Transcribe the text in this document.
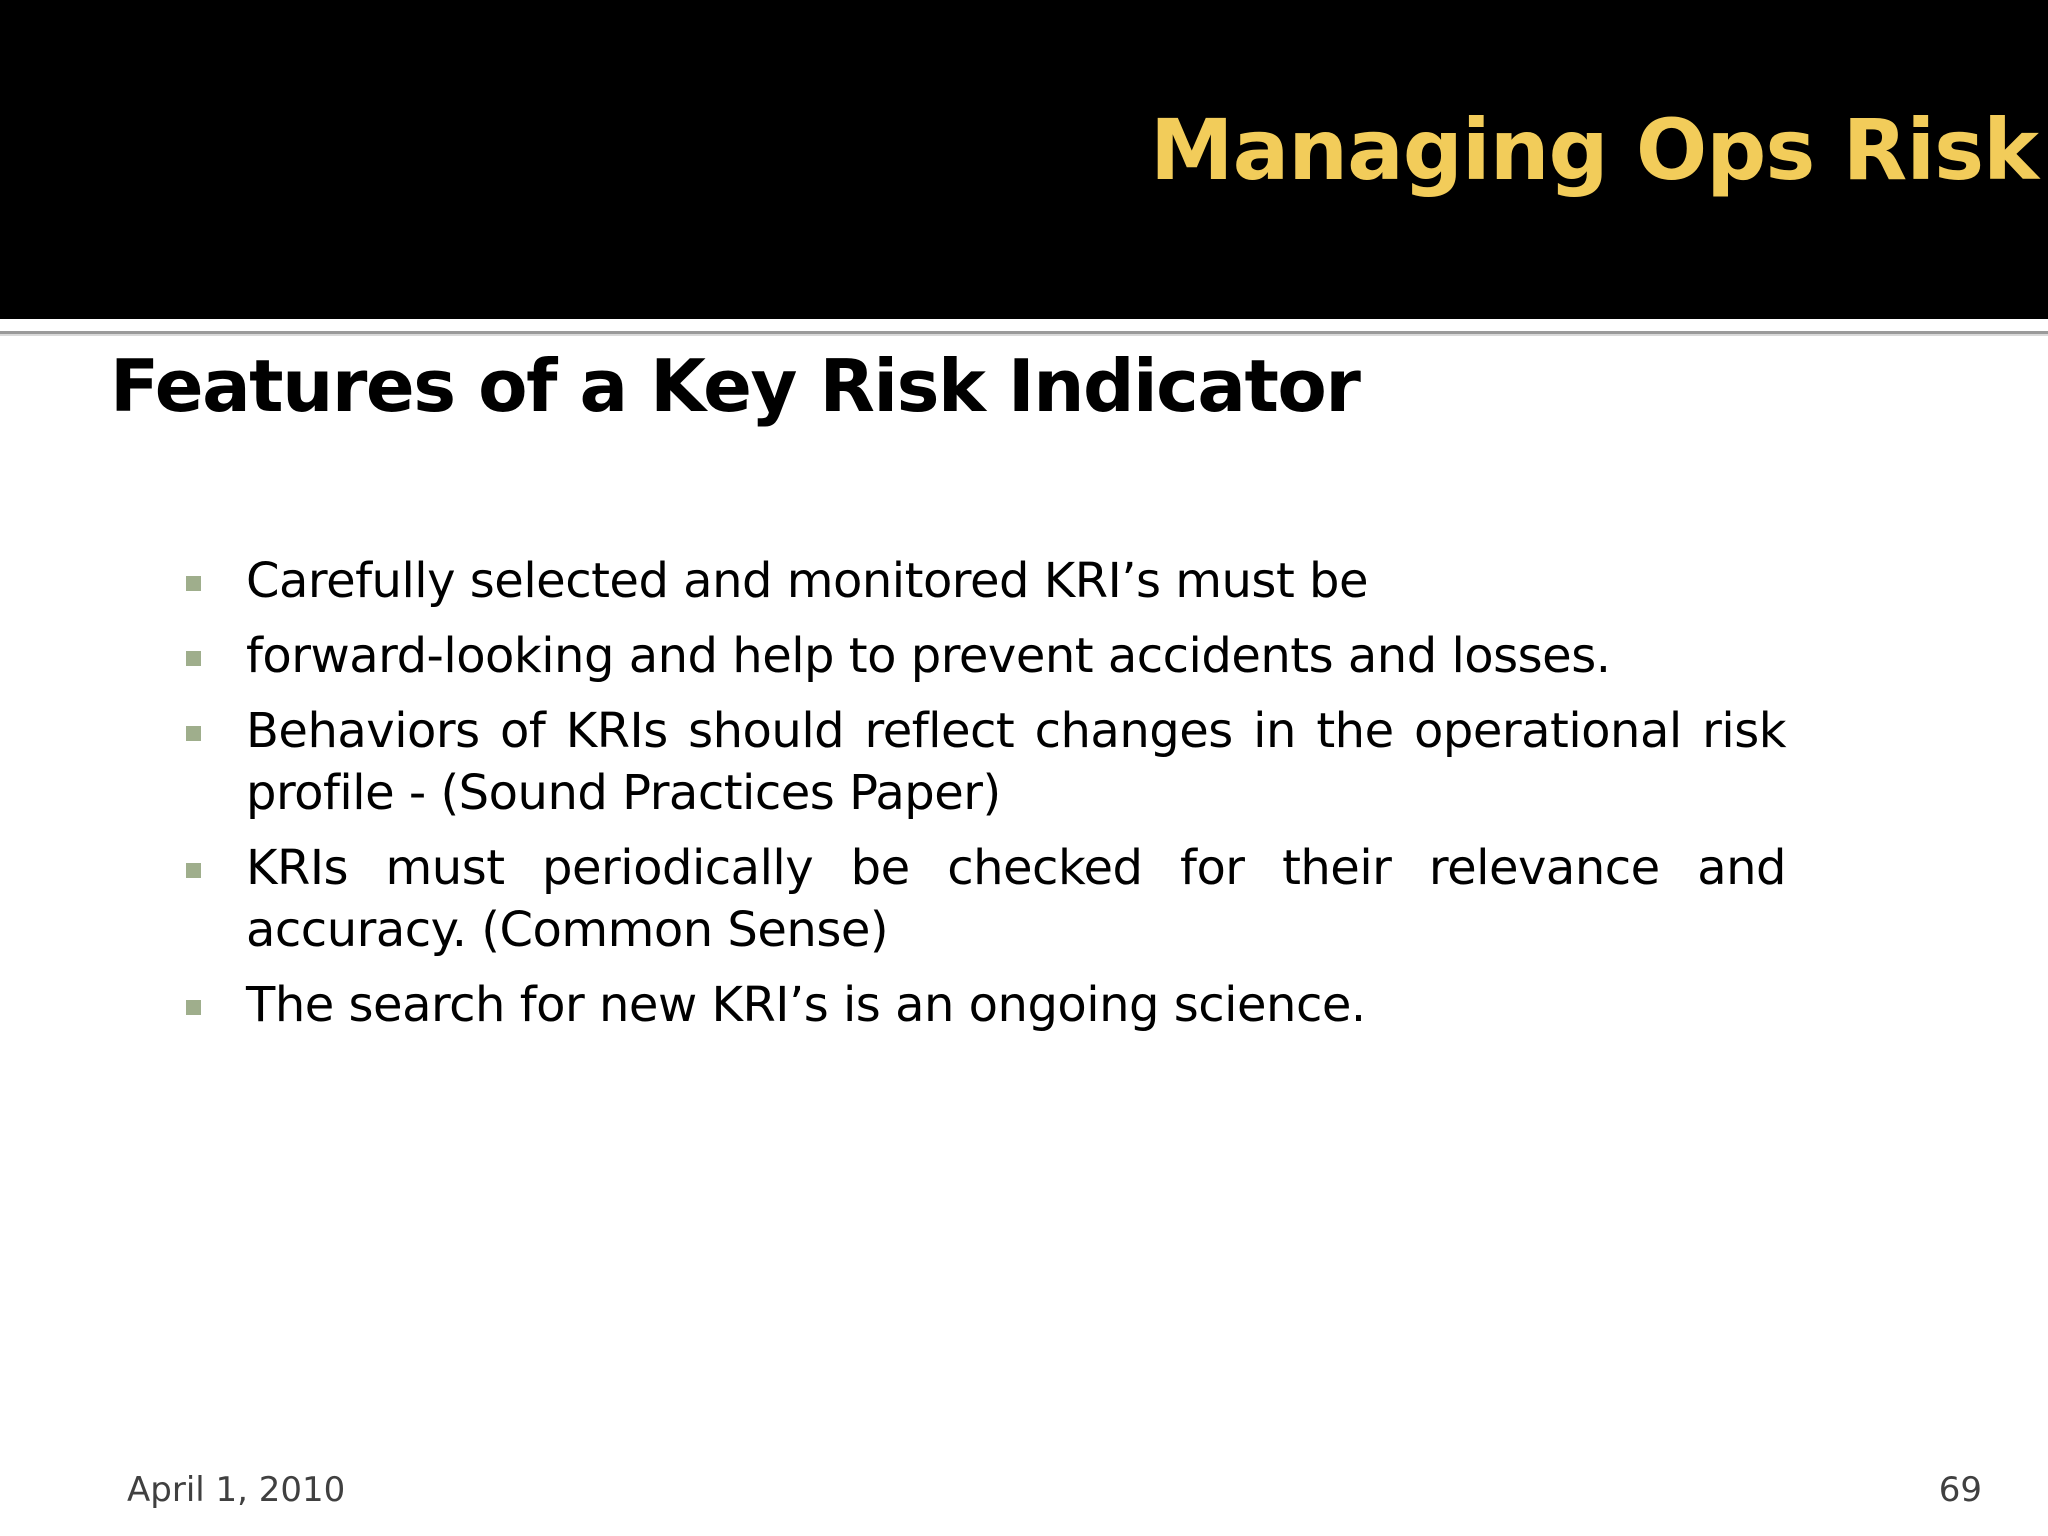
Managing Ops Risk
Features of a Key Risk Indicator
Carefully selected and monitored KRI’s must be
forward-looking and help to prevent accidents and losses.
Behaviors of KRIs should reflect changes in the operational risk profile - (Sound Practices Paper)
KRIs must periodically be checked for their relevance and accuracy. (Common Sense)
The search for new KRI’s is an ongoing science.

April 1, 2010	69
